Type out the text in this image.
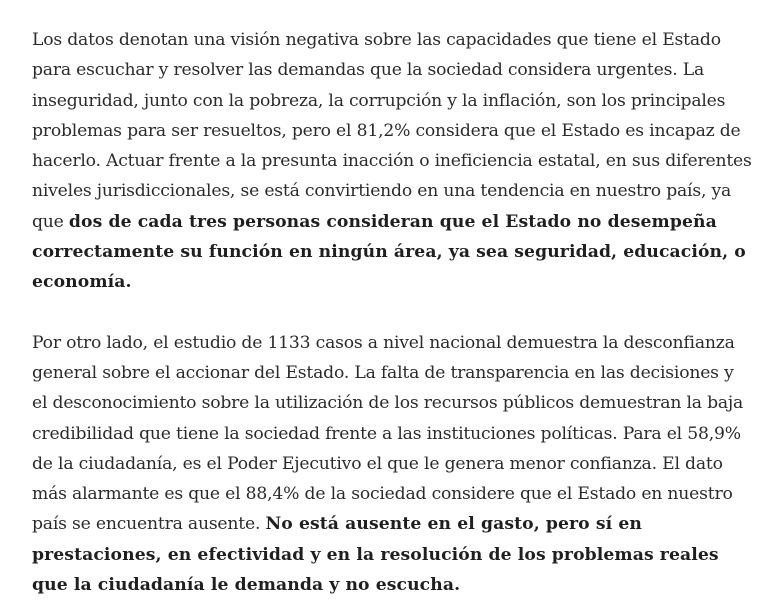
Los datos denotan una visión negativa sobre las capacidades que tiene el Estado para escuchar y resolver las demandas que la sociedad considera urgentes. La inseguridad, junto con la pobreza, la corrupción y la inflación, son los principales problemas para ser resueltos, pero el 81,2% considera que el Estado es incapaz de hacerlo. Actuar frente a la presunta inacción o ineficiencia estatal, en sus diferentes niveles jurisdiccionales, se está convirtiendo en una tendencia en nuestro país, ya que dos de cada tres personas consideran que el Estado no desempeña correctamente su función en ningún área, ya sea seguridad, educación, o economía.

Por otro lado, el estudio de 1133 casos a nivel nacional demuestra la desconfianza general sobre el accionar del Estado. La falta de transparencia en las decisiones y el desconocimiento sobre la utilización de los recursos públicos demuestran la baja credibilidad que tiene la sociedad frente a las instituciones políticas. Para el 58,9% de la ciudadanía, es el Poder Ejecutivo el que le genera menor confianza. El dato más alarmante es que el 88,4% de la sociedad considere que el Estado en nuestro país se encuentra ausente. No está ausente en el gasto, pero sí en prestaciones, en efectividad y en la resolución de los problemas reales que la ciudadanía le demanda y no escucha.
